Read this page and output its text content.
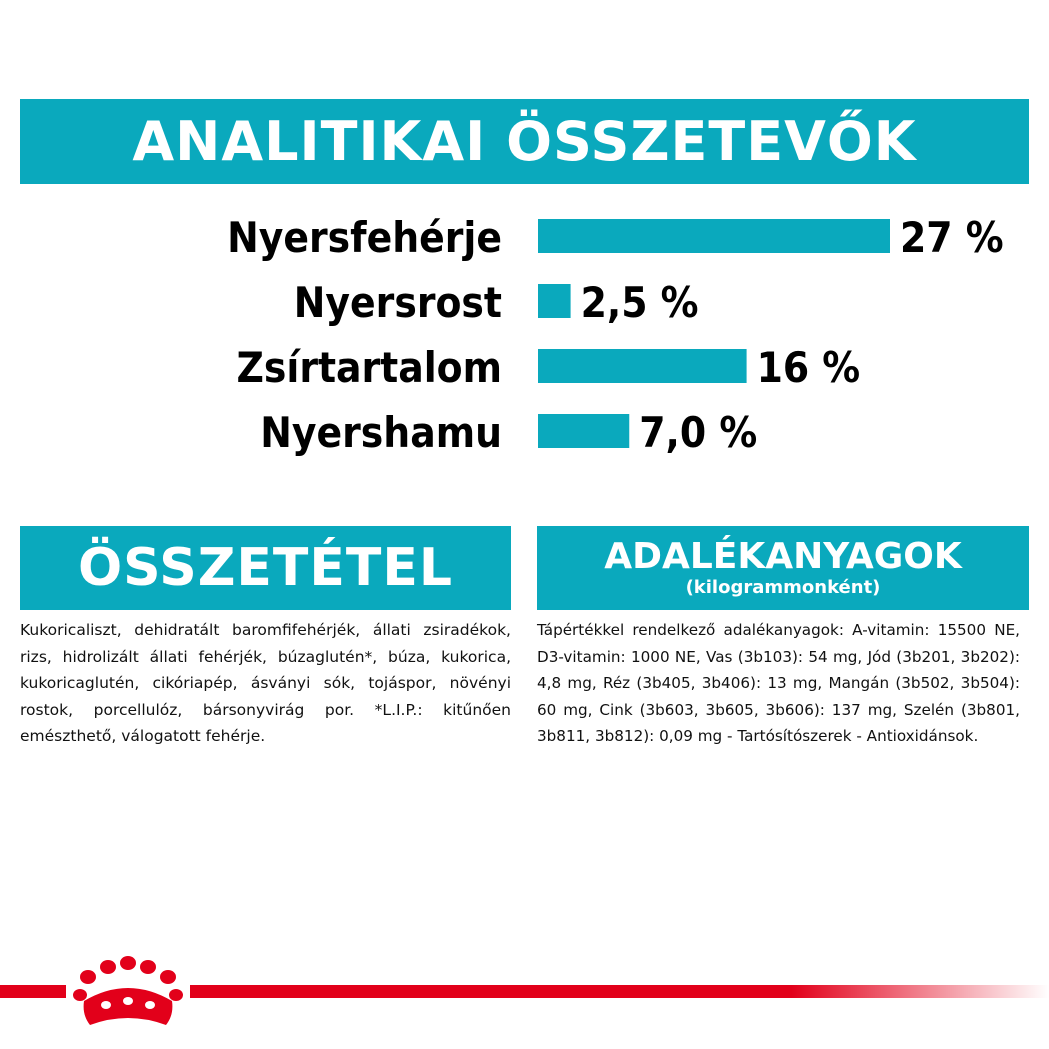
ANALITIKAI ÖSSZETEVŐK
Nyersfehérje	27 %
Nyersrost 2,5 %
Zsírtartalom	16 %
Nyershamu	7,0 %
ÖSSZETÉTEL
Kukoricaliszt, dehidratált baromfifehérjék, állati zsiradékok, rizs, hidrolizált állati fehérjék, búzaglutén*, búza, kukorica, kukoricaglutén, cikóriapép, ásványi sók, tojáspor, növényi rostok, porcellulóz, bársonyvirág por. *L.I.P.: kitűnően emészthető, válogatott fehérje.
ADALÉKANYAGOK
(kilogrammonként)
Tápértékkel rendelkező adalékanyagok: A-vitamin: 15500 NE, D3-vitamin: 1000 NE, Vas (3b103): 54 mg, Jód (3b201, 3b202): 4,8 mg, Réz (3b405, 3b406): 13 mg, Mangán (3b502, 3b504): 60 mg, Cink (3b603, 3b605, 3b606): 137 mg, Szelén (3b801, 3b811, 3b812): 0,09 mg - Tartósítószerek - Antioxidánsok.
